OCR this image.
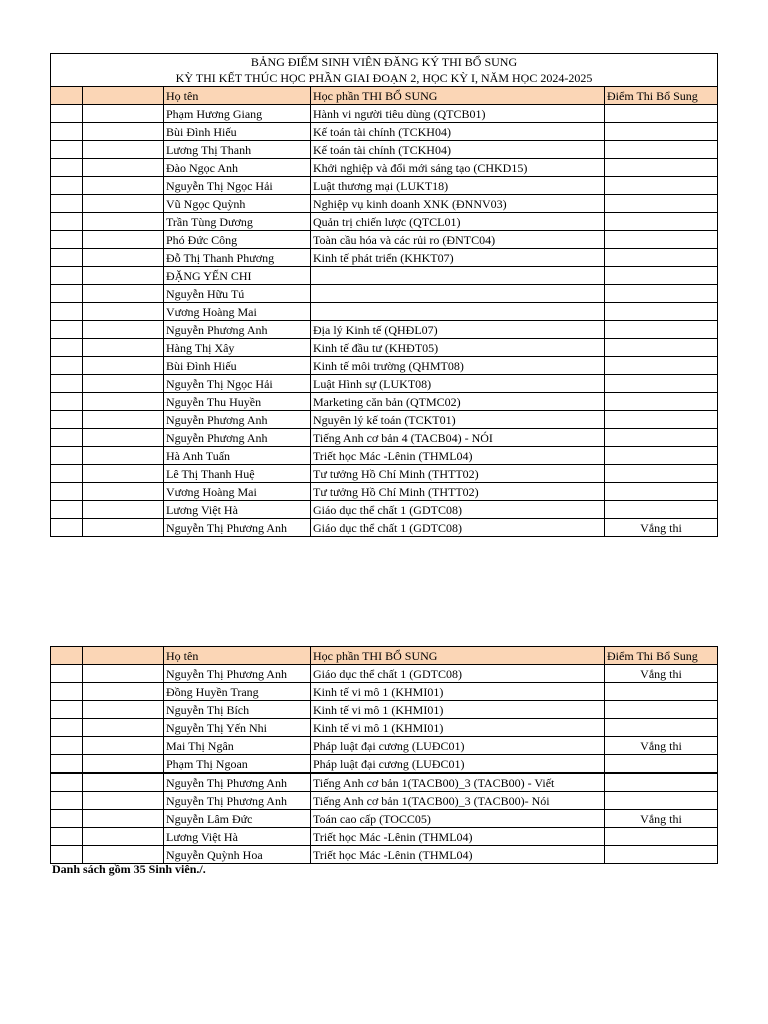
BẢNG ĐIỂM SINH VIÊN ĐĂNG KÝ THI BỔ SUNG
KỲ THI KẾT THÚC HỌC PHẦN GIAI ĐOẠN 2, HỌC KỲ I, NĂM HỌC 2024-2025				

		Họ tên	Học phần THI BỔ SUNG	Điểm Thi Bổ Sung
		Phạm Hương Giang	Hành vi người tiêu dùng (QTCB01)	
		Bùi Đình Hiếu	Kế toán tài chính (TCKH04)	
		Lương Thị Thanh	Kế toán tài chính (TCKH04)	
		Đào Ngọc Anh	Khởi nghiệp và đổi mới sáng tạo (CHKD15)	
		Nguyễn Thị Ngọc Hải	Luật thương mại (LUKT18)	
		Vũ Ngọc Quỳnh	Nghiệp vụ kinh doanh XNK (ĐNNV03)	
		Trần Tùng Dương	Quản trị chiến lược (QTCL01)	
		Phó Đức Công	Toàn cầu hóa và các rủi ro (ĐNTC04)	
		Đỗ Thị Thanh Phương	Kinh tế phát triển (KHKT07)	
		ĐẶNG YẾN CHI		
		Nguyễn Hữu Tú		
		Vương Hoàng Mai		
		Nguyễn Phương Anh	Địa lý Kinh tế (QHĐL07)	
		Hàng Thị Xây	Kinh tế đầu tư (KHĐT05)	
		Bùi Đình Hiếu	Kinh tế môi trường (QHMT08)	
		Nguyễn Thị Ngọc Hải	Luật Hình sự (LUKT08)	
		Nguyễn Thu Huyền	Marketing căn bản (QTMC02)	
		Nguyễn Phương Anh	Nguyên lý kế toán (TCKT01)	
		Nguyễn Phương Anh	Tiếng Anh cơ bản 4 (TACB04) - NÓI	
		Hà Anh Tuấn	Triết học Mác -Lênin (THML04)	
		Lê Thị Thanh Huệ	Tư tưởng Hồ Chí Minh (THTT02)	
		Vương Hoàng Mai	Tư tưởng Hồ Chí Minh (THTT02)	
		Lương Việt Hà	Giáo dục thể chất 1 (GDTC08)	
		Nguyễn Thị Phương Anh	Giáo dục thể chất 1 (GDTC08)	Vắng thi
		Họ tên	Học phần THI BỔ SUNG	Điểm Thi Bổ Sung
		Nguyễn Thị Phương Anh	Giáo dục thể chất 1 (GDTC08)	Vắng thi
		Đồng Huyền Trang	Kinh tế vi mô 1 (KHMI01)	
		Nguyễn Thị Bích	Kinh tế vi mô 1 (KHMI01)	
		Nguyễn Thị Yến Nhi	Kinh tế vi mô 1 (KHMI01)	
		Mai Thị Ngân	Pháp luật đại cương (LUĐC01)	Vắng thi
		Phạm Thị Ngoan	Pháp luật đại cương (LUĐC01)	
		Nguyễn Thị Phương Anh	Tiếng Anh cơ bản 1(TACB00)_3 (TACB00) - Viết	
		Nguyễn Thị Phương Anh	Tiếng Anh cơ bản 1(TACB00)_3 (TACB00)- Nói	
		Nguyễn Lâm Đức	Toán cao cấp (TOCC05)	Vắng thi
		Lương Việt Hà	Triết học Mác -Lênin (THML04)	
		Nguyễn Quỳnh Hoa	Triết học Mác -Lênin (THML04)	
Danh sách gồm 35 Sinh viên./.
